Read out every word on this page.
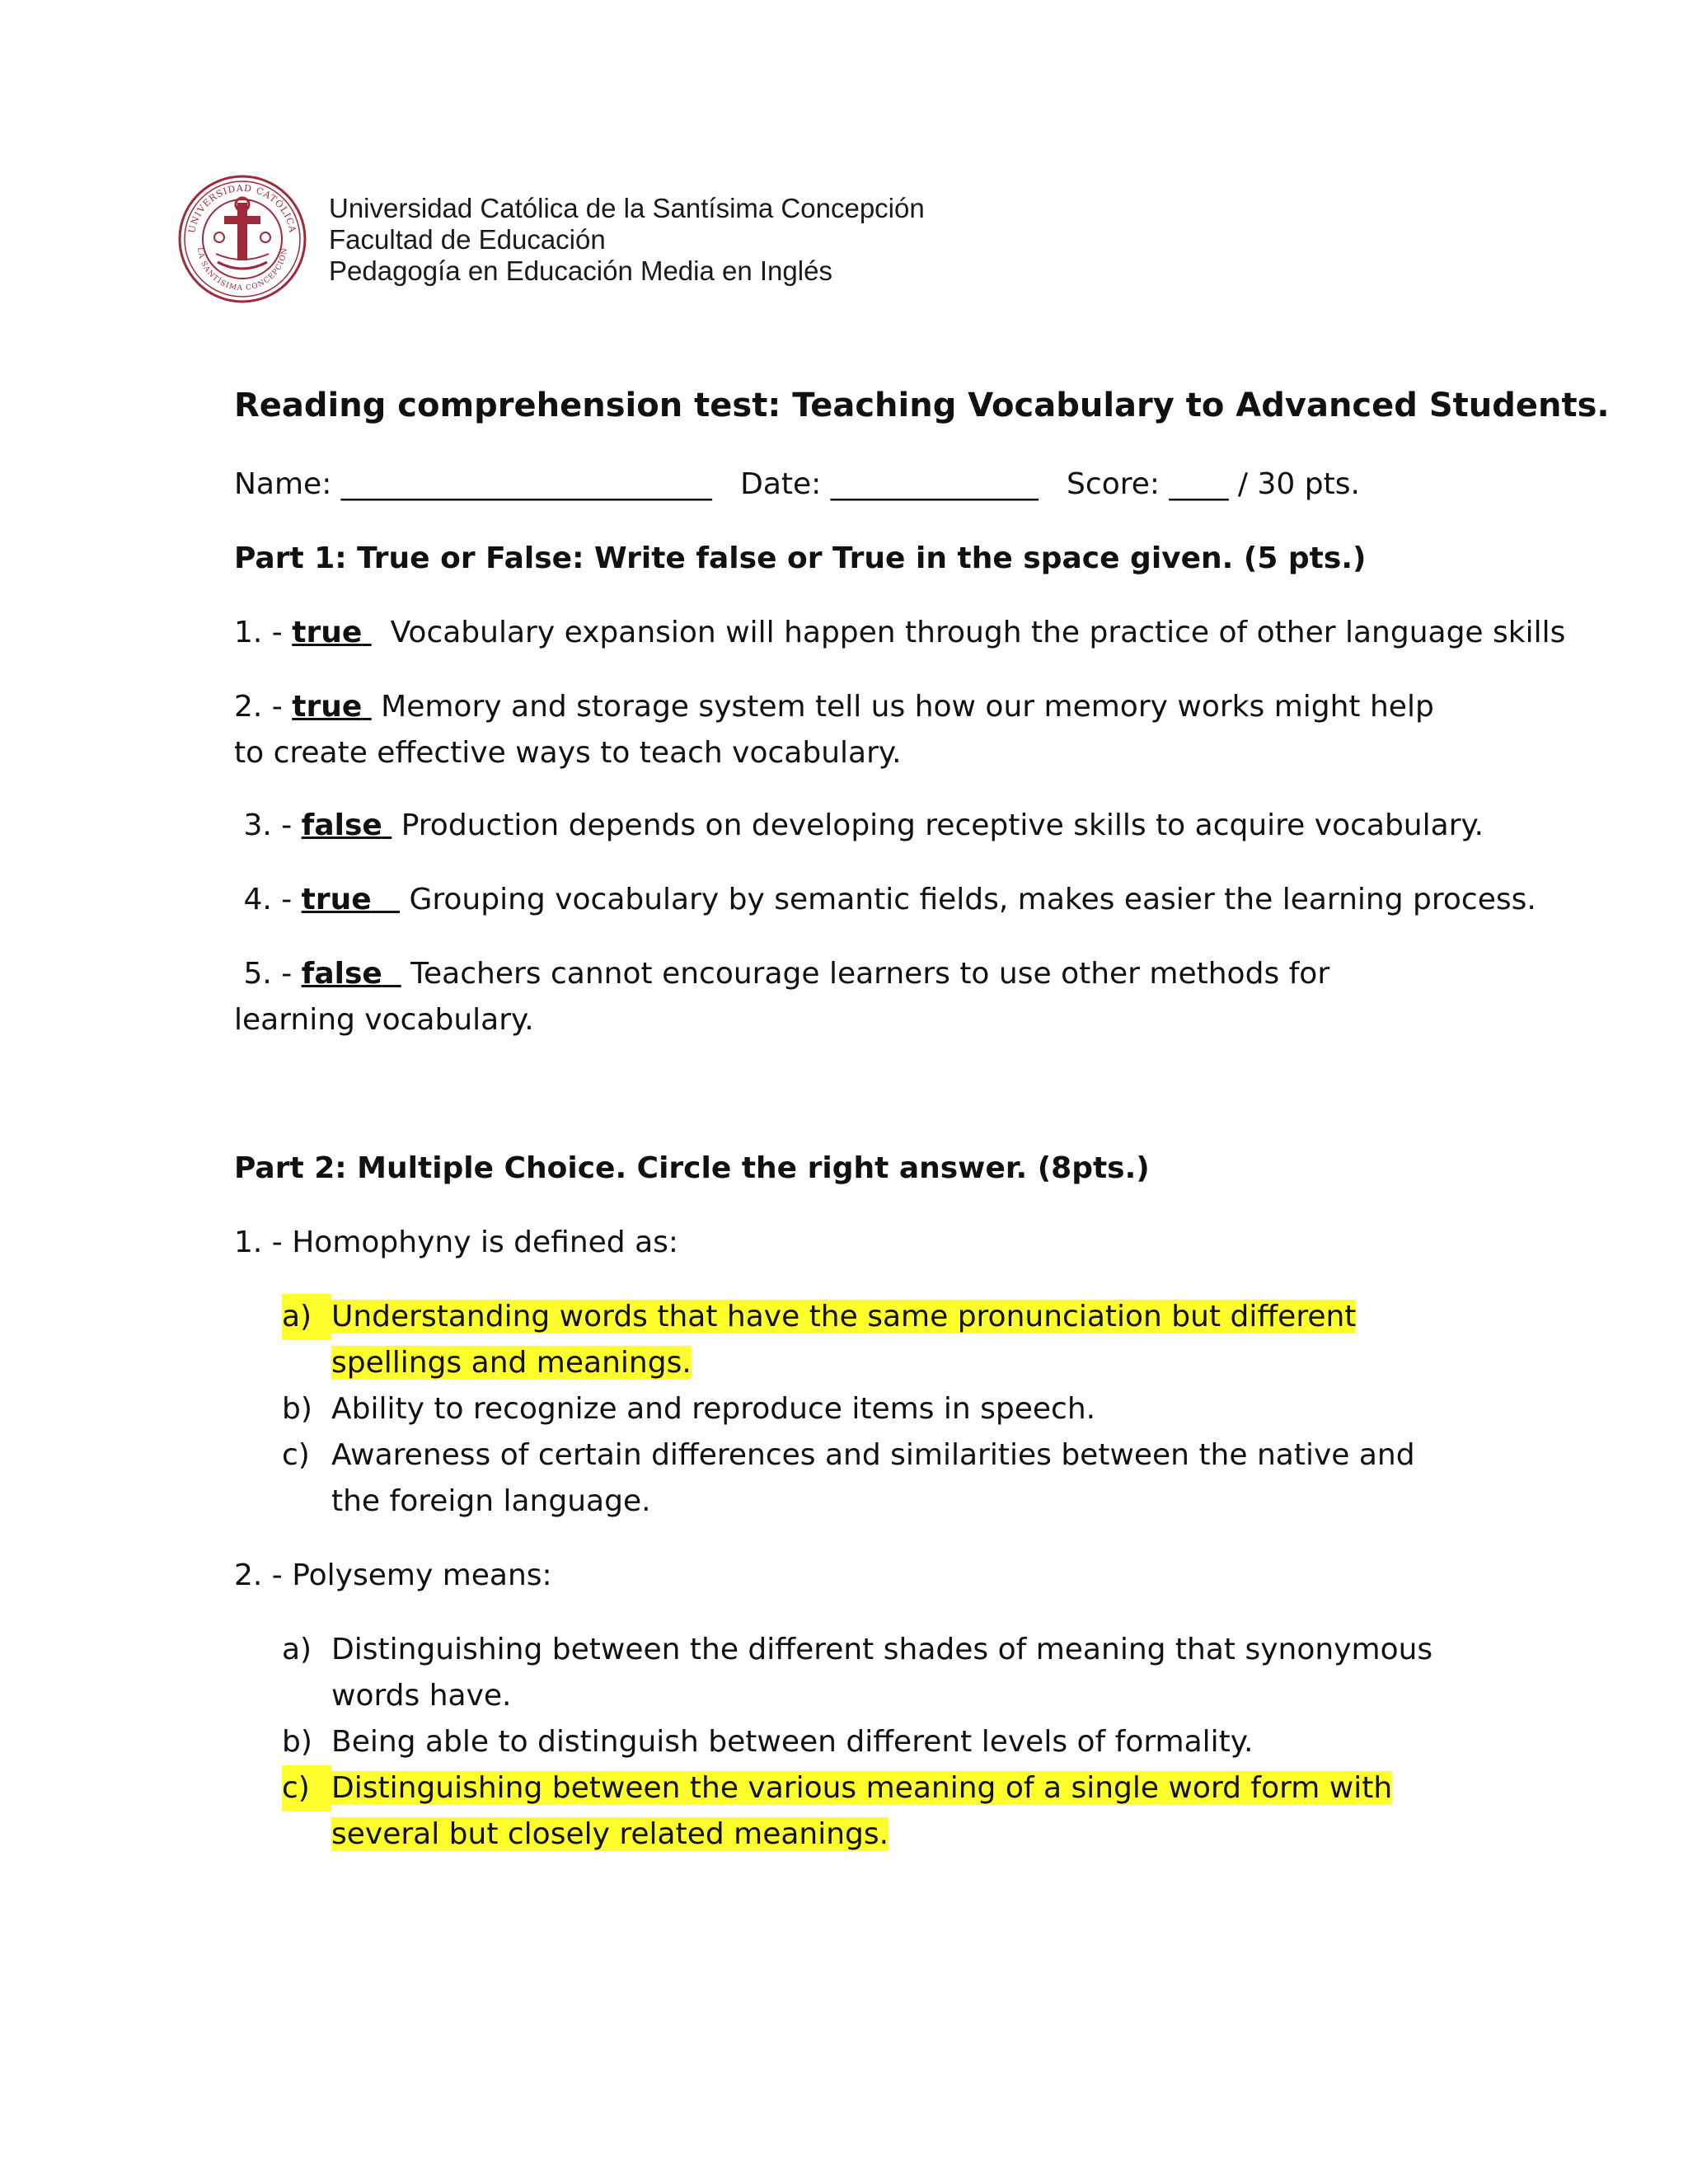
UNIVERSIDAD CATÓLICA
LA SANTÍSIMA CONCEPCIÓN
Universidad Católica de la Santísima Concepción
Facultad de Educación
Pedagogía en Educación Media en Inglés
Reading comprehension test: Teaching Vocabulary to Advanced Students.
Name: _________________________   Date: ______________   Score: ____ / 30 pts.
Part 1: True or False: Write false or True in the space given. (5 pts.)
1. - true Vocabulary expansion will happen through the practice of other language skills
2. - true Memory and storage system tell us how our memory works might help to create effective ways to teach vocabulary.
3. - false Production depends on developing receptive skills to acquire vocabulary.
4. - true Grouping vocabulary by semantic fields, makes easier the learning process.
5. - false Teachers cannot encourage learners to use other methods for learning vocabulary.
Part 2: Multiple Choice. Circle the right answer. (8pts.)
1. - Homophyny is defined as:
a) Understanding words that have the same pronunciation but different spellings and meanings.
b) Ability to recognize and reproduce items in speech.
c) Awareness of certain differences and similarities between the native and the foreign language.
2. - Polysemy means:
a) Distinguishing between the different shades of meaning that synonymous words have.
b) Being able to distinguish between different levels of formality.
c) Distinguishing between the various meaning of a single word form with several but closely related meanings.
